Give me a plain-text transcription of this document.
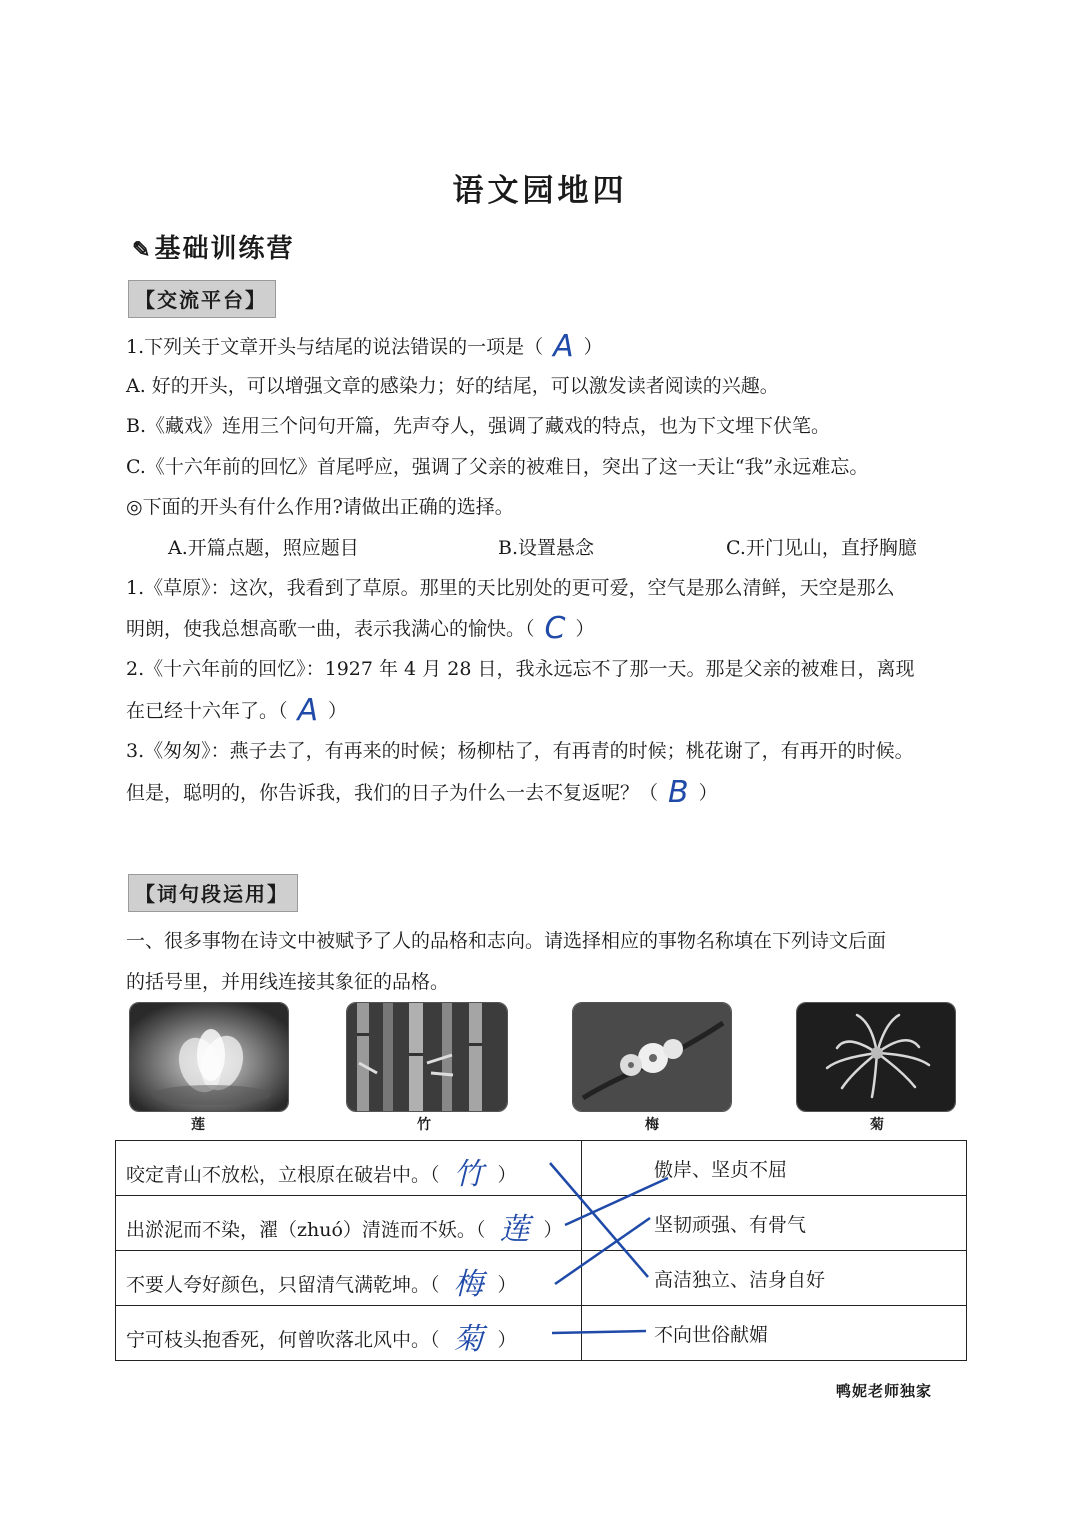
语文园地四
✎基础训练营
【交流平台】
1.下列关于文章开头与结尾的说法错误的一项是（ A ）
A. 好的开头，可以增强文章的感染力；好的结尾，可以激发读者阅读的兴趣。
B.《藏戏》连用三个问句开篇，先声夺人，强调了藏戏的特点，也为下文埋下伏笔。
C.《十六年前的回忆》首尾呼应，强调了父亲的被难日，突出了这一天让“我”永远难忘。
◎下面的开头有什么作用?请做出正确的选择。
A.开篇点题，照应题目	B.设置悬念	C.开门见山，直抒胸臆
1.《草原》：这次，我看到了草原。那里的天比别处的更可爱，空气是那么清鲜，天空是那么
明朗，使我总想高歌一曲，表示我满心的愉快。（ C ）
2.《十六年前的回忆》：1927 年 4 月 28 日，我永远忘不了那一天。那是父亲的被难日，离现
在已经十六年了。（ A ）
3.《匆匆》：燕子去了，有再来的时候；杨柳枯了，有再青的时候；桃花谢了，有再开的时候。
但是，聪明的，你告诉我，我们的日子为什么一去不复返呢？（ B ）
【词句段运用】
一、很多事物在诗文中被赋予了人的品格和志向。请选择相应的事物名称填在下列诗文后面
的括号里，并用线连接其象征的品格。
莲	竹	梅	菊
咬定青山不放松，立根原在破岩中。（ 竹 ）	傲岸、坚贞不屈
出淤泥而不染，濯（zhuó）清涟而不妖。（ 莲 ）	坚韧顽强、有骨气
不要人夸好颜色，只留清气满乾坤。（ 梅 ）	高洁独立、洁身自好
宁可枝头抱香死，何曾吹落北风中。（ 菊 ）	不向世俗献媚
鸭妮老师独家
